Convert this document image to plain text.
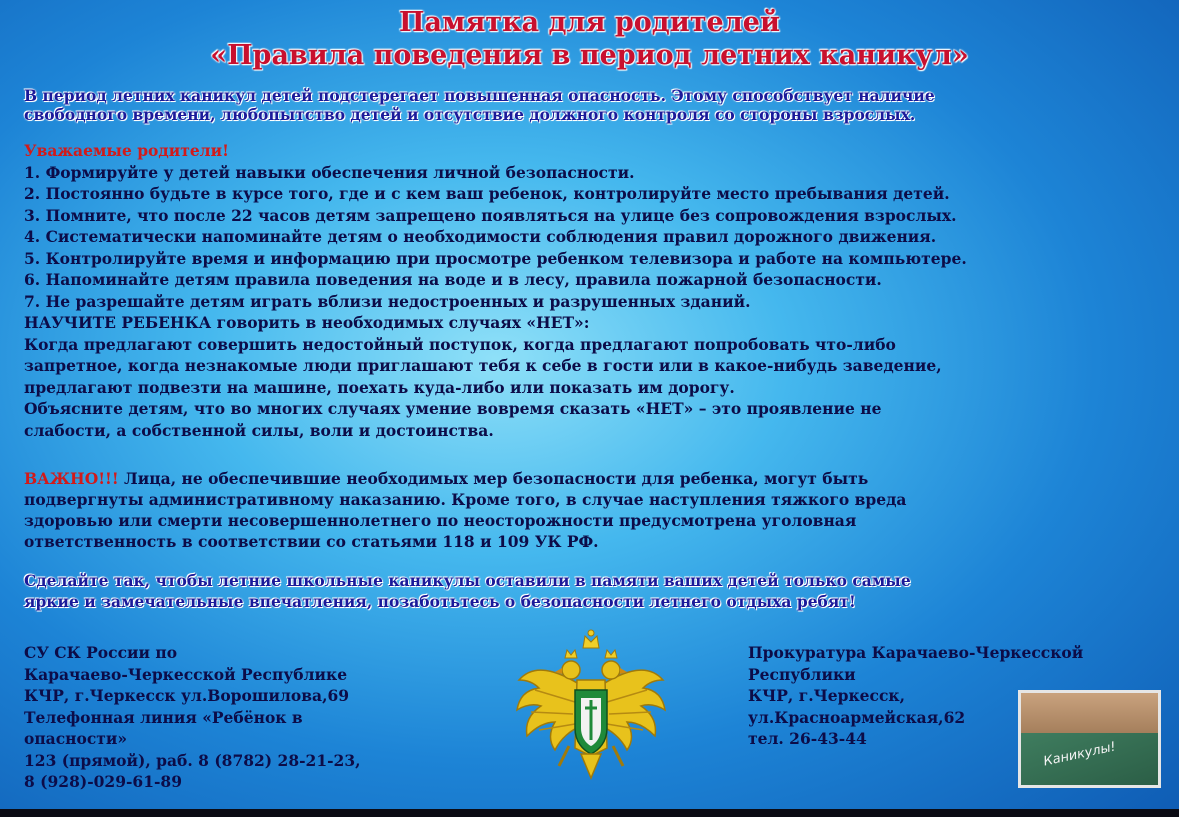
Памятка для родителей
«Правила поведения в период летних каникул»
В период летних каникул детей подстерегает повышенная опасность. Этому способствует наличие
свободного времени, любопытство детей и отсутствие должного контроля со стороны взрослых.
Уважаемые родители!
1. Формируйте у детей навыки обеспечения личной безопасности.
2. Постоянно будьте в курсе того, где и с кем ваш ребенок, контролируйте место пребывания детей.
3. Помните, что после 22 часов детям запрещено появляться на улице без сопровождения взрослых.
4. Систематически напоминайте детям о необходимости соблюдения правил дорожного движения.
5. Контролируйте время и информацию при просмотре ребенком телевизора и работе на компьютере.
6. Напоминайте детям правила поведения на воде и в лесу, правила пожарной безопасности.
7. Не разрешайте детям играть вблизи недостроенных и разрушенных зданий.
НАУЧИТЕ РЕБЕНКА говорить в необходимых случаях «НЕТ»:
Когда предлагают совершить недостойный поступок, когда предлагают попробовать что-либо
запретное, когда незнакомые люди приглашают тебя к себе в гости или в какое-нибудь заведение,
предлагают подвезти на машине, поехать куда-либо или показать им дорогу.
Объясните детям, что во многих случаях умение вовремя сказать «НЕТ» – это проявление не
слабости, а собственной силы, воли и достоинства.
ВАЖНО!!! Лица, не обеспечившие необходимых мер безопасности для ребенка, могут быть
подвергнуты административному наказанию. Кроме того, в случае наступления тяжкого вреда
здоровью или смерти несовершеннолетнего по неосторожности предусмотрена уголовная
ответственность в соответствии со статьями 118 и 109 УК РФ.
Сделайте так, чтобы летние школьные каникулы оставили в памяти ваших детей только самые
яркие и замечательные впечатления, позаботьтесь о безопасности летнего отдыха ребят!
СУ СК России по
Карачаево-Черкесской Республике
КЧР, г.Черкесск ул.Ворошилова,69
Телефонная линия «Ребёнок в
опасности»
123 (прямой), раб. 8 (8782) 28-21-23,
8 (928)-029-61-89
Прокуратура Карачаево-Черкесской
Республики
КЧР, г.Черкесск,
ул.Красноармейская,62
тел. 26-43-44
Каникулы!
